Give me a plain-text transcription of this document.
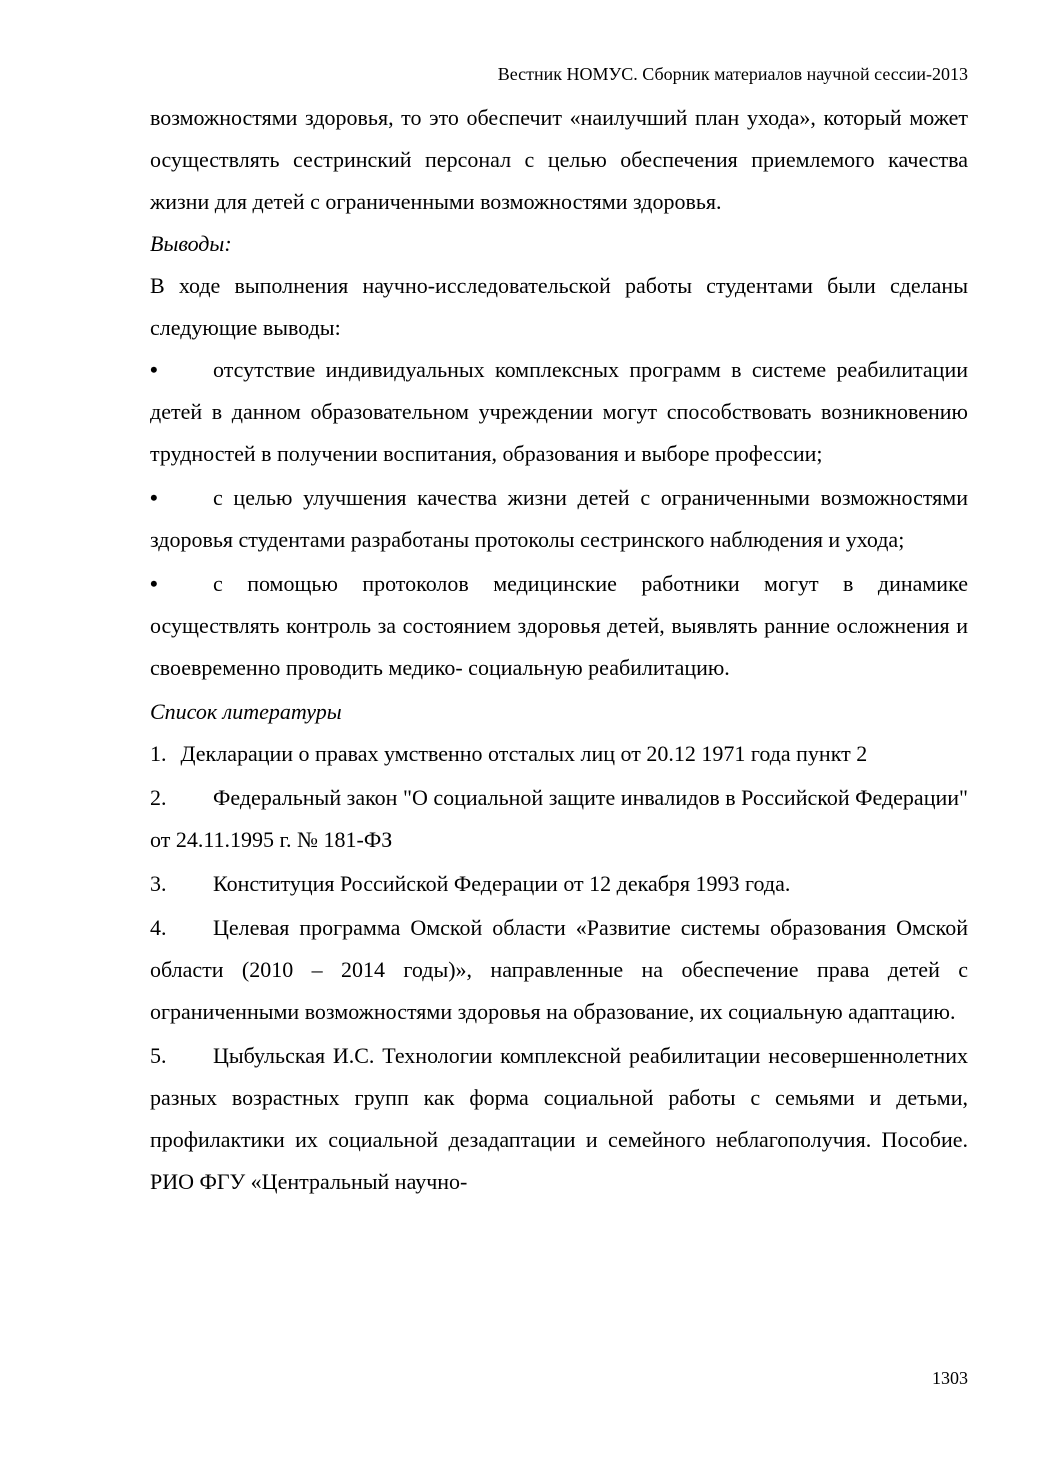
Вестник НОМУС. Сборник материалов научной сессии-2013

возможностями здоровья, то это обеспечит «наилучший план ухода», который может осуществлять сестринский персонал с целью обеспечения приемлемого качества жизни для детей с ограниченными возможностями здоровья.

Выводы:

В ходе выполнения научно-исследовательской работы студентами были сделаны следующие выводы:

•	отсутствие индивидуальных комплексных программ в системе реабилитации детей в данном образовательном учреждении могут способствовать возникновению трудностей в получении воспитания, образования и выборе профессии;

•	с целью улучшения качества жизни детей с ограниченными возможностями здоровья студентами разработаны протоколы сестринского наблюдения и ухода;

•	с помощью протоколов медицинские работники могут в динамике осуществлять контроль за состоянием здоровья детей, выявлять ранние осложнения и своевременно проводить медико- социальную реабилитацию.

Список литературы

1. Декларации о правах умственно отсталых лиц от 20.12 1971 года пункт 2

2. Федеральный закон "О социальной защите инвалидов в Российской Федерации" от 24.11.1995 г. № 181-ФЗ

3. Конституция Российской Федерации от 12 декабря 1993 года.

4. Целевая программа Омской области «Развитие системы образования Омской области (2010 – 2014 годы)», направленные на обеспечение права детей с ограниченными возможностями здоровья на образование, их социальную адаптацию.

5. Цыбульская И.С. Технологии комплексной реабилитации несовершеннолетних разных возрастных групп как форма социальной работы с семьями и детьми, профилактики их социальной дезадаптации и семейного неблагополучия. Пособие. РИО ФГУ «Центральный научно-

1303
